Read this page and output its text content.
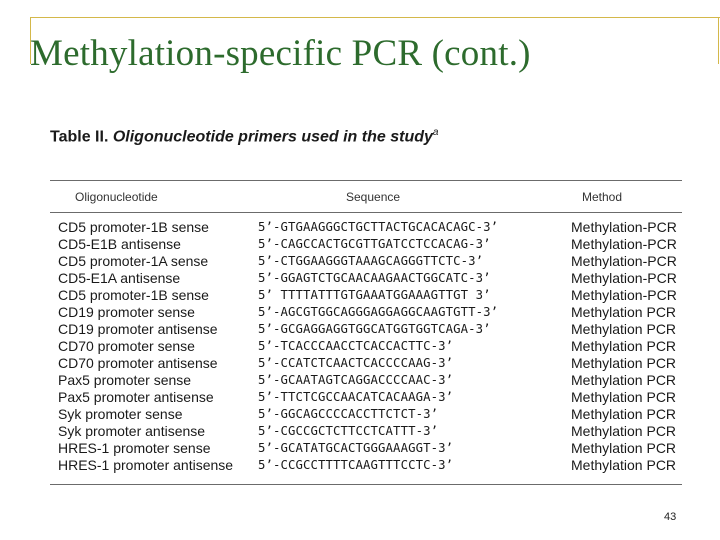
Methylation-specific PCR (cont.)
Table II. Oligonucleotide primers used in the study$^a$
Oligonucleotide	Sequence	Method
CD5 promoter-1B sense	5’-GTGAAGGGCTGCTTACTGCACACAGC-3’	Methylation-PCR
CD5-E1B antisense	5’-CAGCCACTGCGTTGATCCTCCACAG-3’	Methylation-PCR
CD5 promoter-1A sense	5’-CTGGAAGGGTAAAGCAGGGTTCTC-3’	Methylation-PCR
CD5-E1A antisense	5’-GGAGTCTGCAACAAGAACTGGCATC-3’	Methylation-PCR
CD5 promoter-1B sense	5’ TTTTATTTGTGAAATGGAAAGTTGT 3’	Methylation-PCR
CD19 promoter sense	5’-AGCGTGGCAGGGAGGAGGCAAGTGTT-3’	Methylation PCR
CD19 promoter antisense	5’-GCGAGGAGGTGGCATGGTGGTCAGA-3’	Methylation PCR
CD70 promoter sense	5’-TCACCCAACCTCACCACTTC-3’	Methylation PCR
CD70 promoter antisense	5’-CCATCTCAACTCACCCCAAG-3’	Methylation PCR
Pax5 promoter sense	5’-GCAATAGTCAGGACCCCAAC-3’	Methylation PCR
Pax5 promoter antisense	5’-TTCTCGCCAACATCACAAGA-3’	Methylation PCR
Syk promoter sense	5’-GGCAGCCCCACCTTCTCT-3’	Methylation PCR
Syk promoter antisense	5’-CGCCGCTCTTCCTCATTT-3’	Methylation PCR
HRES-1 promoter sense	5’-GCATATGCACTGGGAAAGGT-3’	Methylation PCR
HRES-1 promoter antisense 5’-CCGCCTTTTCAAGTTTCCTC-3’	Methylation PCR
43
